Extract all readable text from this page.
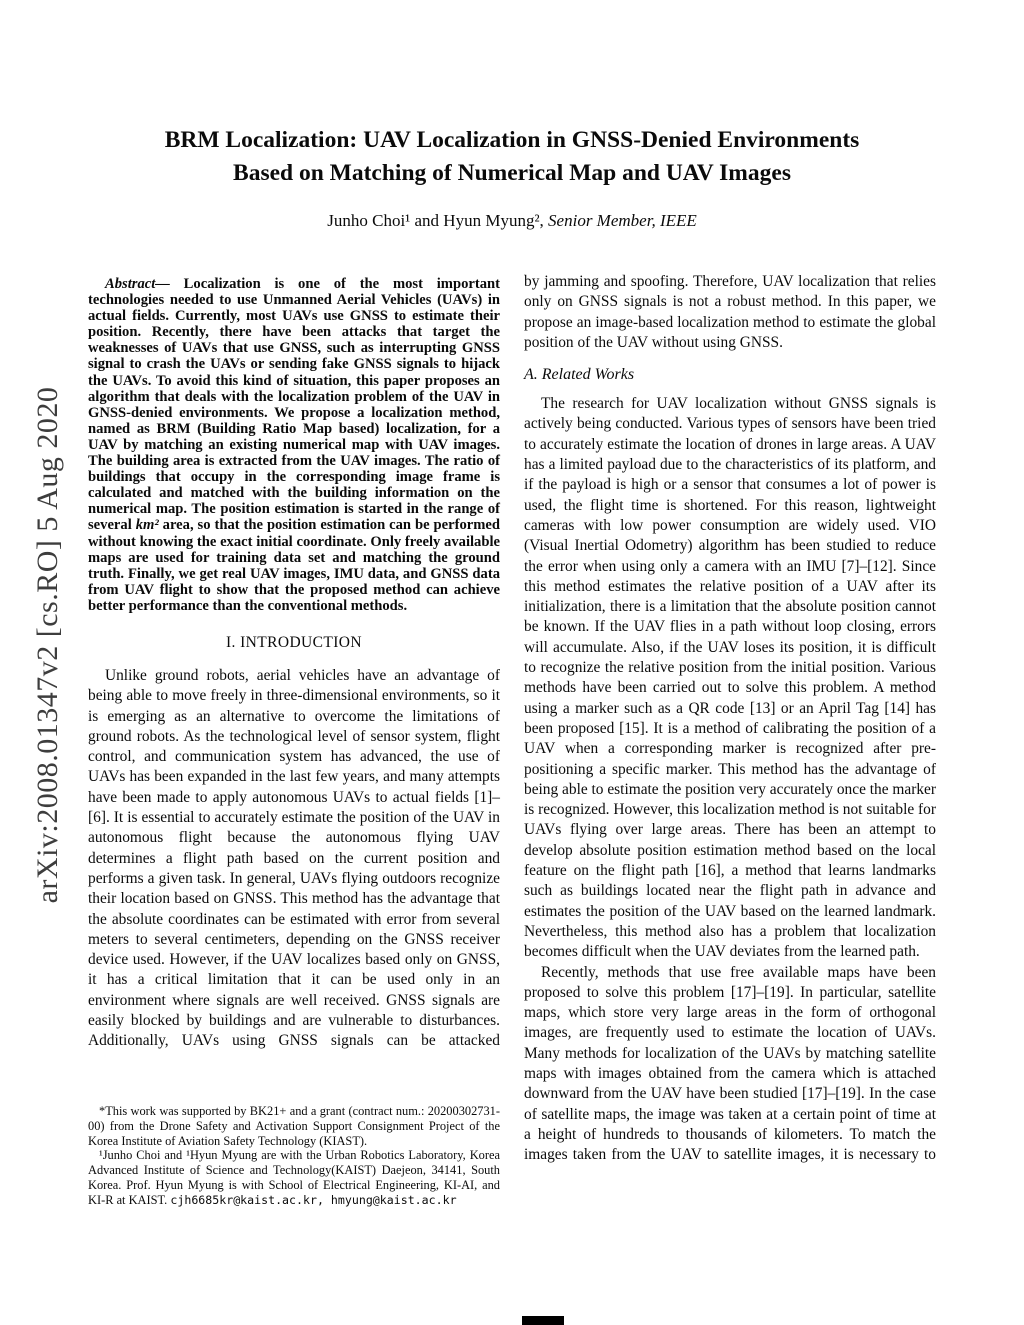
arXiv:2008.01347v2 [cs.RO] 5 Aug 2020
BRM Localization: UAV Localization in GNSS-Denied Environments
Based on Matching of Numerical Map and UAV Images
Junho Choi¹ and Hyun Myung², Senior Member, IEEE

Abstract— Localization is one of the most important technologies needed to use Unmanned Aerial Vehicles (UAVs) in actual fields. Currently, most UAVs use GNSS to estimate their position. Recently, there have been attacks that target the weaknesses of UAVs that use GNSS, such as interrupting GNSS signal to crash the UAVs or sending fake GNSS signals to hijack the UAVs. To avoid this kind of situation, this paper proposes an algorithm that deals with the localization problem of the UAV in GNSS-denied environments. We propose a localization method, named as BRM (Building Ratio Map based) localization, for a UAV by matching an existing numerical map with UAV images. The building area is extracted from the UAV images. The ratio of buildings that occupy in the corresponding image frame is calculated and matched with the building information on the numerical map. The position estimation is started in the range of several km² area, so that the position estimation can be performed without knowing the exact initial coordinate. Only freely available maps are used for training data set and matching the ground truth. Finally, we get real UAV images, IMU data, and GNSS data from UAV flight to show that the proposed method can achieve better performance than the conventional methods.

I. INTRODUCTION

Unlike ground robots, aerial vehicles have an advantage of being able to move freely in three-dimensional environments, so it is emerging as an alternative to overcome the limitations of ground robots. As the technological level of sensor system, flight control, and communication system has advanced, the use of UAVs has been expanded in the last few years, and many attempts have been made to apply autonomous UAVs to actual fields [1]–[6]. It is essential to accurately estimate the position of the UAV in autonomous flight because the autonomous flying UAV determines a flight path based on the current position and performs a given task. In general, UAVs flying outdoors recognize their location based on GNSS. This method has the advantage that the absolute coordinates can be estimated with error from several meters to several centimeters, depending on the GNSS receiver device used. However, if the UAV localizes based only on GNSS, it has a critical limitation that it can be used only in an environment where signals are well received. GNSS signals are easily blocked by buildings and are vulnerable to disturbances. Additionally, UAVs using GNSS signals can be attacked

*This work was supported by BK21+ and a grant (contract num.: 20200302731-00) from the Drone Safety and Activation Support Consignment Project of the Korea Institute of Aviation Safety Technology (KIAST).

¹Junho Choi and ¹Hyun Myung are with the Urban Robotics Laboratory, Korea Advanced Institute of Science and Technology(KAIST) Daejeon, 34141, South Korea. Prof. Hyun Myung is with School of Electrical Engineering, KI-AI, and KI-R at KAIST. cjh6685kr@kaist.ac.kr, hmyung@kaist.ac.kr

by jamming and spoofing. Therefore, UAV localization that relies only on GNSS signals is not a robust method. In this paper, we propose an image-based localization method to estimate the global position of the UAV without using GNSS.

A. Related Works

The research for UAV localization without GNSS signals is actively being conducted. Various types of sensors have been tried to accurately estimate the location of drones in large areas. A UAV has a limited payload due to the characteristics of its platform, and if the payload is high or a sensor that consumes a lot of power is used, the flight time is shortened. For this reason, lightweight cameras with low power consumption are widely used. VIO (Visual Inertial Odometry) algorithm has been studied to reduce the error when using only a camera with an IMU [7]–[12]. Since this method estimates the relative position of a UAV after its initialization, there is a limitation that the absolute position cannot be known. If the UAV flies in a path without loop closing, errors will accumulate. Also, if the UAV loses its position, it is difficult to recognize the relative position from the initial position. Various methods have been carried out to solve this problem. A method using a marker such as a QR code [13] or an April Tag [14] has been proposed [15]. It is a method of calibrating the position of a UAV when a corresponding marker is recognized after pre-positioning a specific marker. This method has the advantage of being able to estimate the position very accurately once the marker is recognized. However, this localization method is not suitable for UAVs flying over large areas. There has been an attempt to develop absolute position estimation method based on the local feature on the flight path [16], a method that learns landmarks such as buildings located near the flight path in advance and estimates the position of the UAV based on the learned landmark. Nevertheless, this method also has a problem that localization becomes difficult when the UAV deviates from the learned path.

Recently, methods that use free available maps have been proposed to solve this problem [17]–[19]. In particular, satellite maps, which store very large areas in the form of orthogonal images, are frequently used to estimate the location of UAVs. Many methods for localization of the UAVs by matching satellite maps with images obtained from the camera which is attached downward from the UAV have been studied [17]–[19]. In the case of satellite maps, the image was taken at a certain point of time at a height of hundreds to thousands of kilometers. To match the images taken from the UAV to satellite images, it is necessary to
